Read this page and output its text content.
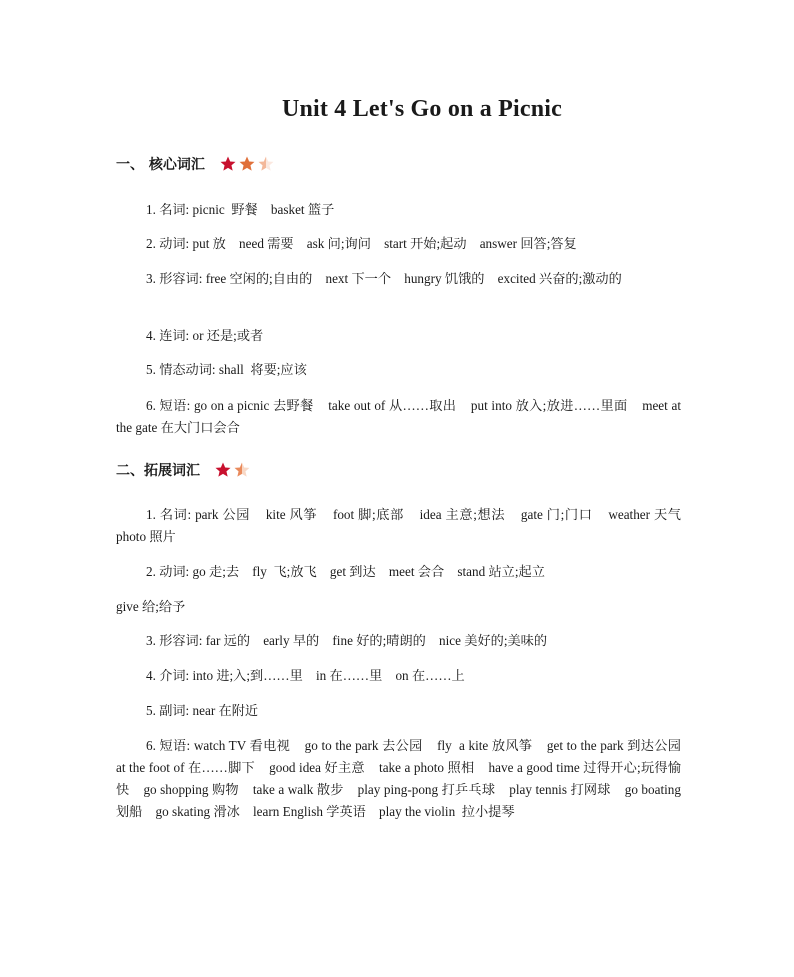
Unit 4 Let's Go on a Picnic
一、 核心词汇
1. 名词: picnic  野餐    basket 篮子
2. 动词: put 放    need 需要    ask 问;询问    start 开始;起动    answer 回答;答复
3. 形容词: free 空闲的;自由的    next 下一个    hungry 饥饿的    excited 兴奋的;激动的
4. 连词: or 还是;或者
5. 情态动词: shall  将要;应该
6. 短语: go on a picnic 去野餐    take out of 从……取出    put into 放入;放进……里面    meet at the gate 在大门口会合
二、拓展词汇
1. 名词: park 公园    kite 风筝    foot 脚;底部    idea 主意;想法    gate 门;门口    weather 天气    photo 照片
2. 动词: go 走;去    fly  飞;放飞    get 到达    meet 会合    stand 站立;起立
give 给;给予
3. 形容词: far 远的    early 早的    fine 好的;晴朗的    nice 美好的;美味的
4. 介词: into 进;入;到……里    in 在……里    on 在……上
5. 副词: near 在附近
6. 短语: watch TV 看电视    go to the park 去公园    fly  a kite 放风筝    get to the park 到达公园    at the foot of 在……脚下    good idea 好主意    take a photo 照相    have a good time 过得开心;玩得愉快    go shopping 购物    take a walk 散步    play ping-pong 打乒乓球    play tennis 打网球    go boating 划船    go skating 滑冰    learn English 学英语    play the violin  拉小提琴
